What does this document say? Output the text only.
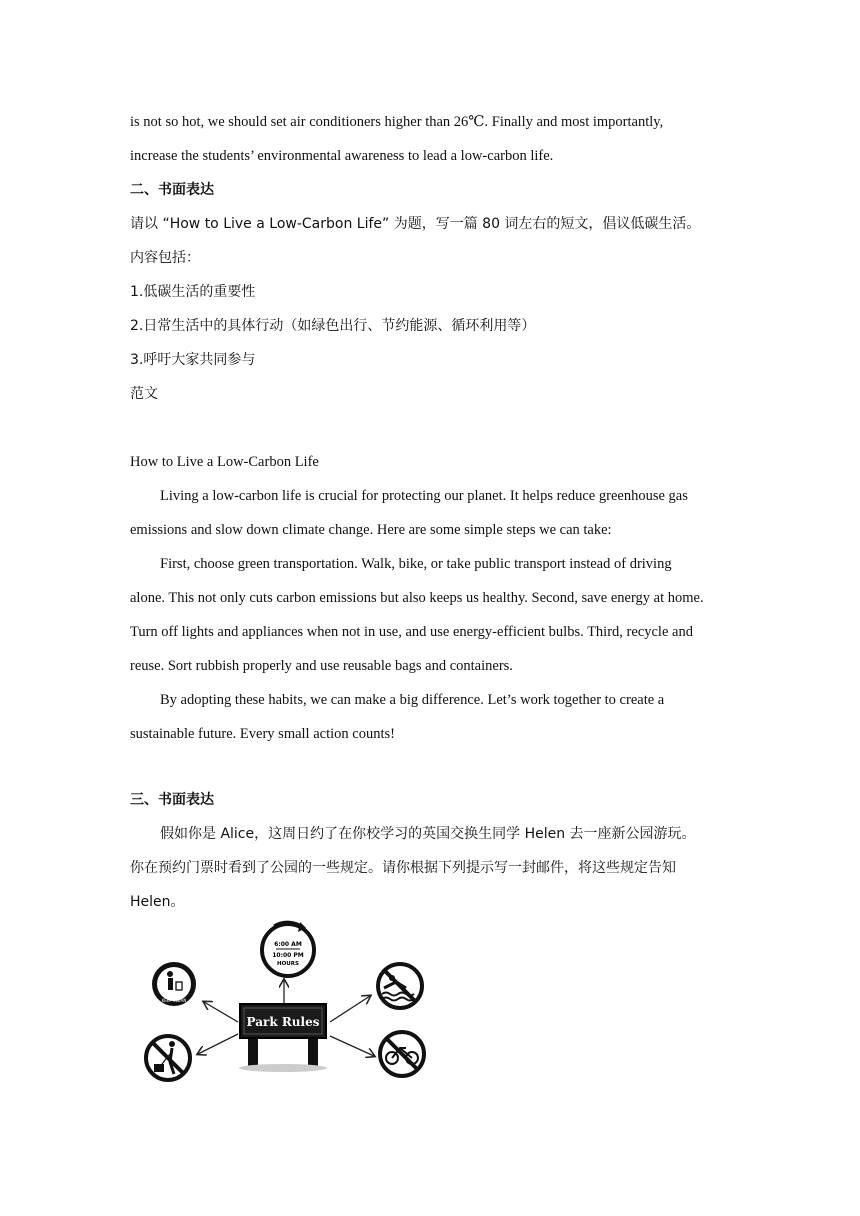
is not so hot, we should set air conditioners higher than 26℃. Finally and most importantly,
increase the students’ environmental awareness to lead a low-carbon life.
二、书面表达
请以 “How to Live a Low-Carbon Life” 为题，写一篇 80 词左右的短文，倡议低碳生活。
内容包括：
1.低碳生活的重要性
2.日常生活中的具体行动（如绿色出行、节约能源、循环利用等）
3.呼吁大家共同参与
范文
How to Live a Low-Carbon Life
Living a low-carbon life is crucial for protecting our planet. It helps reduce greenhouse gas
emissions and slow down climate change. Here are some simple steps we can take:
First, choose green transportation. Walk, bike, or take public transport instead of driving
alone. This not only cuts carbon emissions but also keeps us healthy. Second, save energy at home.
Turn off lights and appliances when not in use, and use energy-efficient bulbs. Third, recycle and
reuse. Sort rubbish properly and use reusable bags and containers.
By adopting these habits, we can make a big difference. Let’s work together to create a
sustainable future. Every small action counts!
三、书面表达
假如你是 Alice，这周日约了在你校学习的英国交换生同学 Helen 去一座新公园游玩。
你在预约门票时看到了公园的一些规定。请你根据下列提示写一封邮件，将这些规定告知
Helen。
Park Rules
6:00 AM
10:00 PM
HOURS
KEEP CLEAN
